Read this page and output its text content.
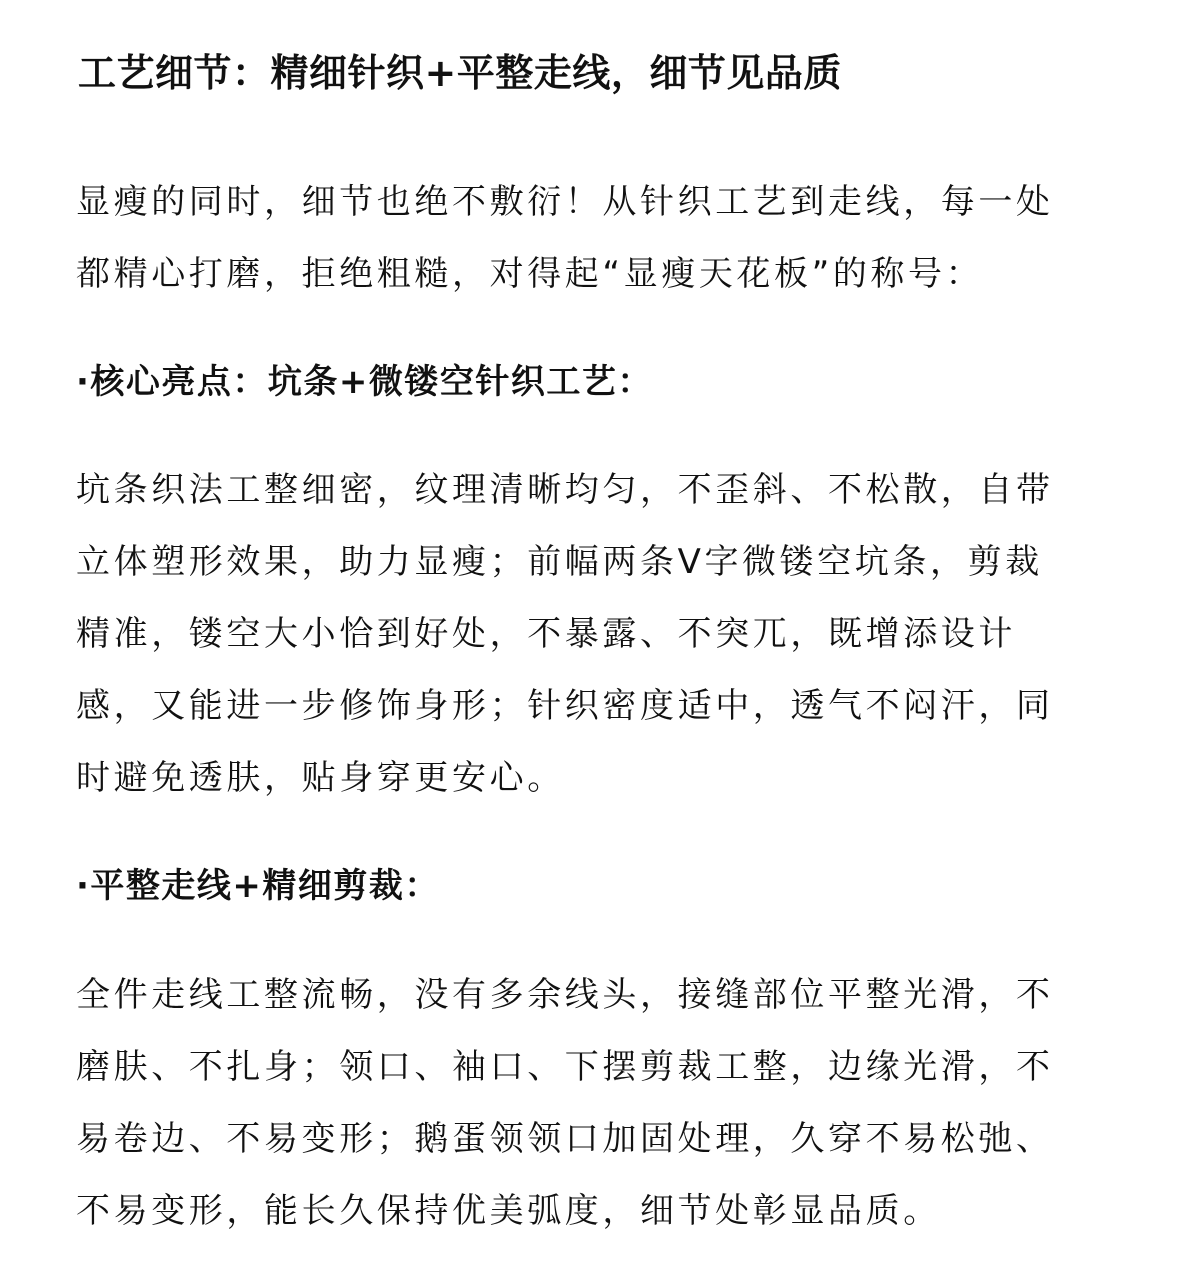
工艺细节：精细针织+平整走线，细节见品质
显瘦的同时，细节也绝不敷衍！从针织工艺到走线，每一处
都精心打磨，拒绝粗糙，对得起“显瘦天花板”的称号：
·核心亮点：坑条+微镂空针织工艺：
坑条织法工整细密，纹理清晰均匀，不歪斜、不松散，自带
立体塑形效果，助力显瘦；前幅两条V字微镂空坑条，剪裁
精准，镂空大小恰到好处，不暴露、不突兀，既增添设计
感，又能进一步修饰身形；针织密度适中，透气不闷汗，同
时避免透肤，贴身穿更安心。
·平整走线+精细剪裁：
全件走线工整流畅，没有多余线头，接缝部位平整光滑，不
磨肤、不扎身；领口、袖口、下摆剪裁工整，边缘光滑，不
易卷边、不易变形；鹅蛋领领口加固处理，久穿不易松弛、
不易变形，能长久保持优美弧度，细节处彰显品质。
